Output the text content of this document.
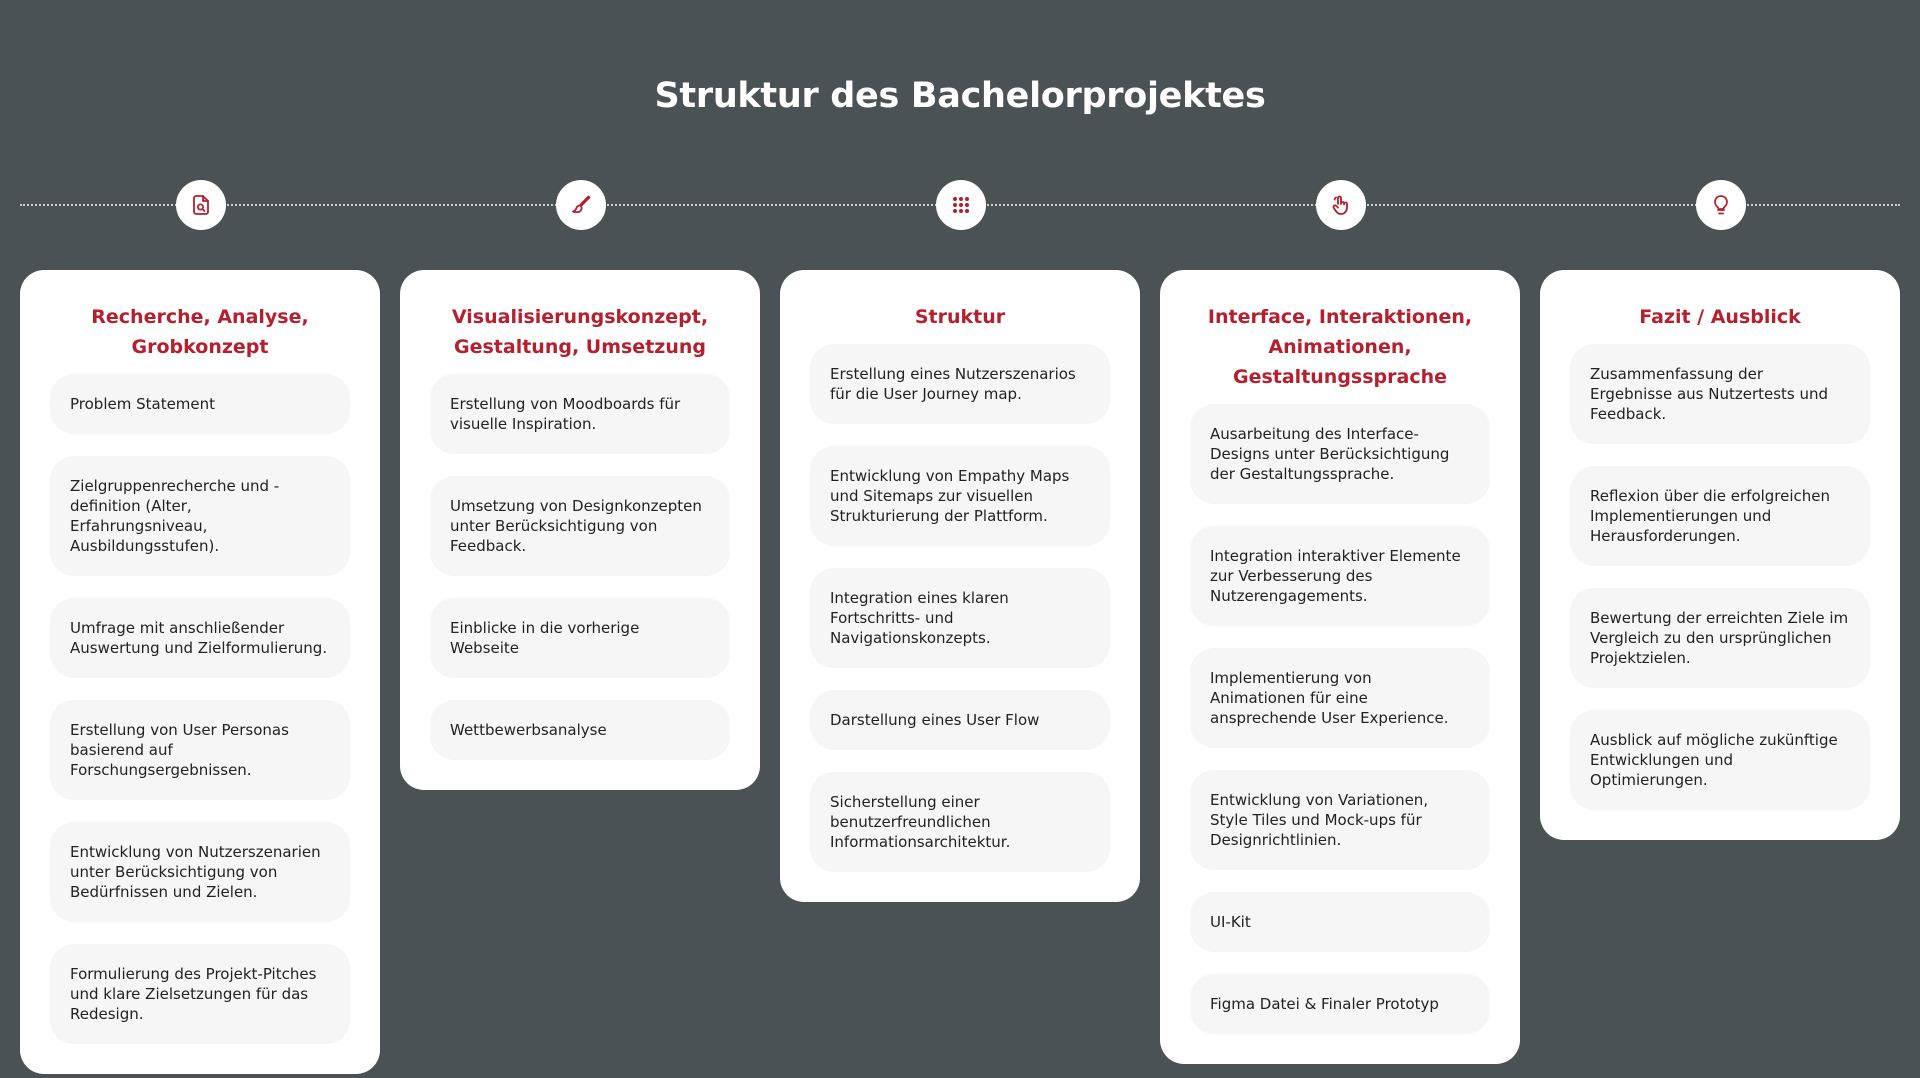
Struktur des Bachelorprojektes
Recherche, Analyse, Grobkonzept
Problem Statement
Zielgruppenrecherche und -definition (Alter, Erfahrungsniveau, Ausbildungsstufen).
Umfrage mit anschließender Auswertung und Zielformulierung.
Erstellung von User Personas basierend auf Forschungsergebnissen.
Entwicklung von Nutzerszenarien unter Berücksichtigung von Bedürfnissen und Zielen.
Formulierung des Projekt-Pitches und klare Zielsetzungen für das Redesign.
Visualisierungskonzept, Gestaltung, Umsetzung
Erstellung von Moodboards für visuelle Inspiration.
Umsetzung von Designkonzepten unter Berücksichtigung von Feedback.
Einblicke in die vorherige Webseite
Wettbewerbsanalyse
Struktur
Erstellung eines Nutzerszenarios für die User Journey map.
Entwicklung von Empathy Maps und Sitemaps zur visuellen Strukturierung der Plattform.
Integration eines klaren Fortschritts- und Navigationskonzepts.
Darstellung eines User Flow
Sicherstellung einer benutzerfreundlichen Informationsarchitektur.
Interface, Interaktionen, Animationen, Gestaltungssprache
Ausarbeitung des Interface-Designs unter Berücksichtigung der Gestaltungssprache.
Integration interaktiver Elemente zur Verbesserung des Nutzerengagements.
Implementierung von Animationen für eine ansprechende User Experience.
Entwicklung von Variationen, Style Tiles und Mock-ups für Designrichtlinien.
UI-Kit
Figma Datei & Finaler Prototyp
Fazit / Ausblick
Zusammenfassung der Ergebnisse aus Nutzertests und Feedback.
Reflexion über die erfolgreichen Implementierungen und Herausforderungen.
Bewertung der erreichten Ziele im Vergleich zu den ursprünglichen Projektzielen.
Ausblick auf mögliche zukünftige Entwicklungen und Optimierungen.
